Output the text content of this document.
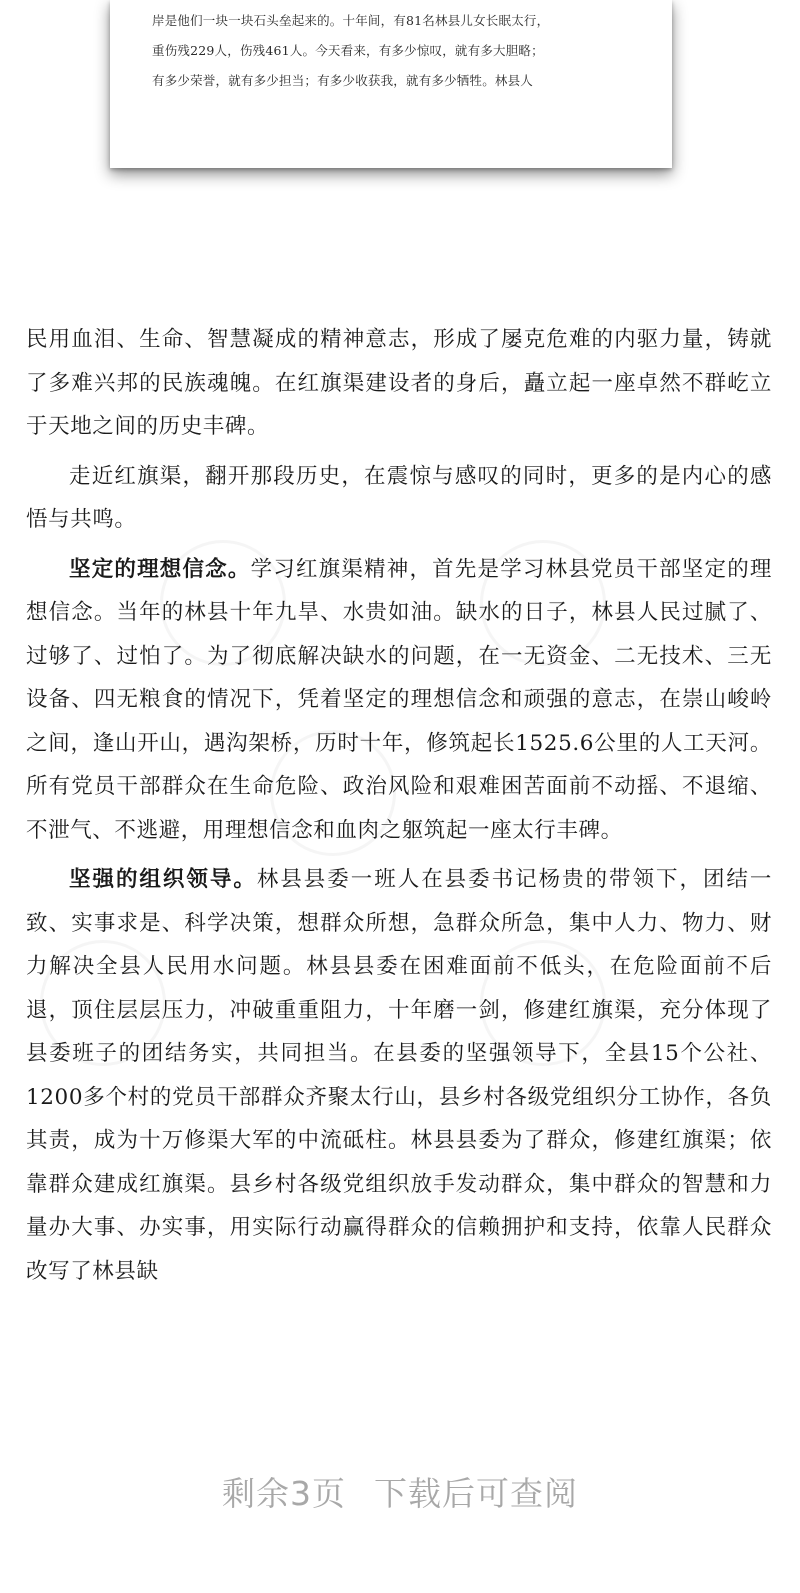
岸是他们一块一块石头垒起来的。十年间，有81名林县儿女长眠太行，
重伤残229人，伤残461人。今天看来，有多少惊叹，就有多大胆略；
有多少荣誉，就有多少担当；有多少收获我，就有多少牺牲。林县人

民用血泪、生命、智慧凝成的精神意志，形成了屡克危难的内驱力量，铸就了多难兴邦的民族魂魄。在红旗渠建设者的身后，矗立起一座卓然不群屹立于天地之间的历史丰碑。

走近红旗渠，翻开那段历史，在震惊与感叹的同时，更多的是内心的感悟与共鸣。

坚定的理想信念。学习红旗渠精神，首先是学习林县党员干部坚定的理想信念。当年的林县十年九旱、水贵如油。缺水的日子，林县人民过腻了、过够了、过怕了。为了彻底解决缺水的问题，在一无资金、二无技术、三无设备、四无粮食的情况下，凭着坚定的理想信念和顽强的意志，在崇山峻岭之间，逢山开山，遇沟架桥，历时十年，修筑起长1525.6公里的人工天河。所有党员干部群众在生命危险、政治风险和艰难困苦面前不动摇、不退缩、不泄气、不逃避，用理想信念和血肉之躯筑起一座太行丰碑。

坚强的组织领导。林县县委一班人在县委书记杨贵的带领下，团结一致、实事求是、科学决策，想群众所想，急群众所急，集中人力、物力、财力解决全县人民用水问题。林县县委在困难面前不低头，在危险面前不后退，顶住层层压力，冲破重重阻力，十年磨一剑，修建红旗渠，充分体现了县委班子的团结务实，共同担当。在县委的坚强领导下，全县15个公社、1200多个村的党员干部群众齐聚太行山，县乡村各级党组织分工协作，各负其责，成为十万修渠大军的中流砥柱。林县县委为了群众，修建红旗渠；依靠群众建成红旗渠。县乡村各级党组织放手发动群众，集中群众的智慧和力量办大事、办实事，用实际行动赢得群众的信赖拥护和支持，依靠人民群众改写了林县缺

剩余3页 下载后可查阅
